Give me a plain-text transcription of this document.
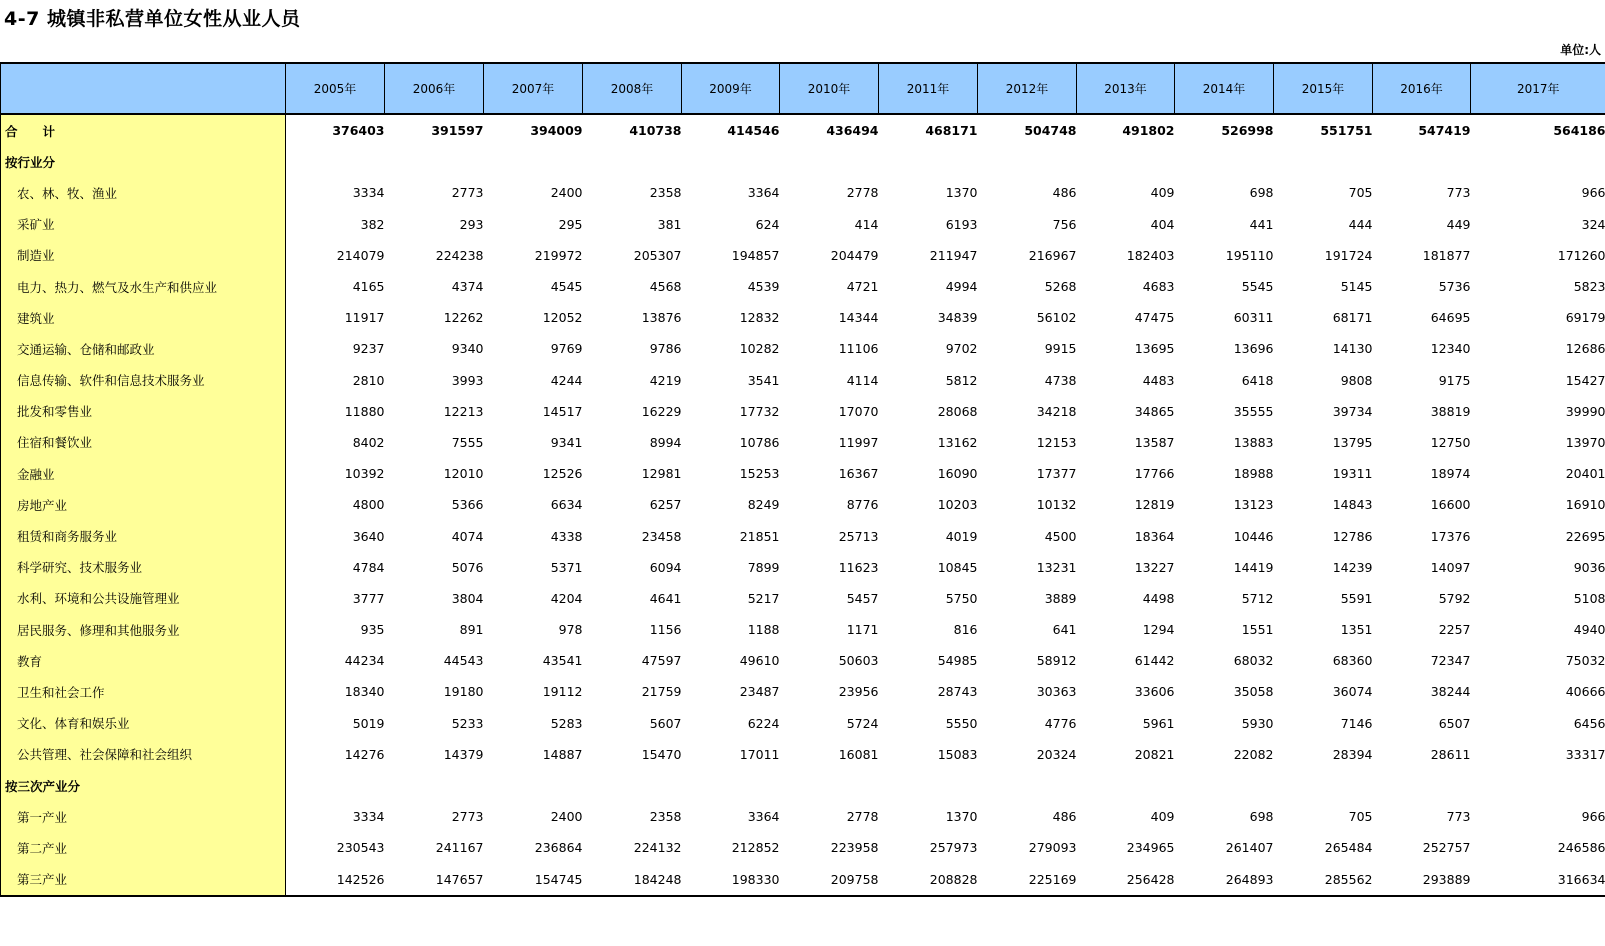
4-7 城镇非私营单位女性从业人员
单位:人
	2005年	2006年	2007年	2008年	2009年	2010年	2011年	2012年	2013年	2014年	2015年	2016年	2017年
合　　计	376403	391597	394009	410738	414546	436494	468171	504748	491802	526998	551751	547419	564186
按行业分													
农、林、牧、渔业	3334	2773	2400	2358	3364	2778	1370	486	409	698	705	773	966
采矿业	382	293	295	381	624	414	6193	756	404	441	444	449	324
制造业	214079	224238	219972	205307	194857	204479	211947	216967	182403	195110	191724	181877	171260
电力、热力、燃气及水生产和供应业	4165	4374	4545	4568	4539	4721	4994	5268	4683	5545	5145	5736	5823
建筑业	11917	12262	12052	13876	12832	14344	34839	56102	47475	60311	68171	64695	69179
交通运输、仓储和邮政业	9237	9340	9769	9786	10282	11106	9702	9915	13695	13696	14130	12340	12686
信息传输、软件和信息技术服务业	2810	3993	4244	4219	3541	4114	5812	4738	4483	6418	9808	9175	15427
批发和零售业	11880	12213	14517	16229	17732	17070	28068	34218	34865	35555	39734	38819	39990
住宿和餐饮业	8402	7555	9341	8994	10786	11997	13162	12153	13587	13883	13795	12750	13970
金融业	10392	12010	12526	12981	15253	16367	16090	17377	17766	18988	19311	18974	20401
房地产业	4800	5366	6634	6257	8249	8776	10203	10132	12819	13123	14843	16600	16910
租赁和商务服务业	3640	4074	4338	23458	21851	25713	4019	4500	18364	10446	12786	17376	22695
科学研究、技术服务业	4784	5076	5371	6094	7899	11623	10845	13231	13227	14419	14239	14097	9036
水利、环境和公共设施管理业	3777	3804	4204	4641	5217	5457	5750	3889	4498	5712	5591	5792	5108
居民服务、修理和其他服务业	935	891	978	1156	1188	1171	816	641	1294	1551	1351	2257	4940
教育	44234	44543	43541	47597	49610	50603	54985	58912	61442	68032	68360	72347	75032
卫生和社会工作	18340	19180	19112	21759	23487	23956	28743	30363	33606	35058	36074	38244	40666
文化、体育和娱乐业	5019	5233	5283	5607	6224	5724	5550	4776	5961	5930	7146	6507	6456
公共管理、社会保障和社会组织	14276	14379	14887	15470	17011	16081	15083	20324	20821	22082	28394	28611	33317
按三次产业分													
第一产业	3334	2773	2400	2358	3364	2778	1370	486	409	698	705	773	966
第二产业	230543	241167	236864	224132	212852	223958	257973	279093	234965	261407	265484	252757	246586
第三产业	142526	147657	154745	184248	198330	209758	208828	225169	256428	264893	285562	293889	316634
